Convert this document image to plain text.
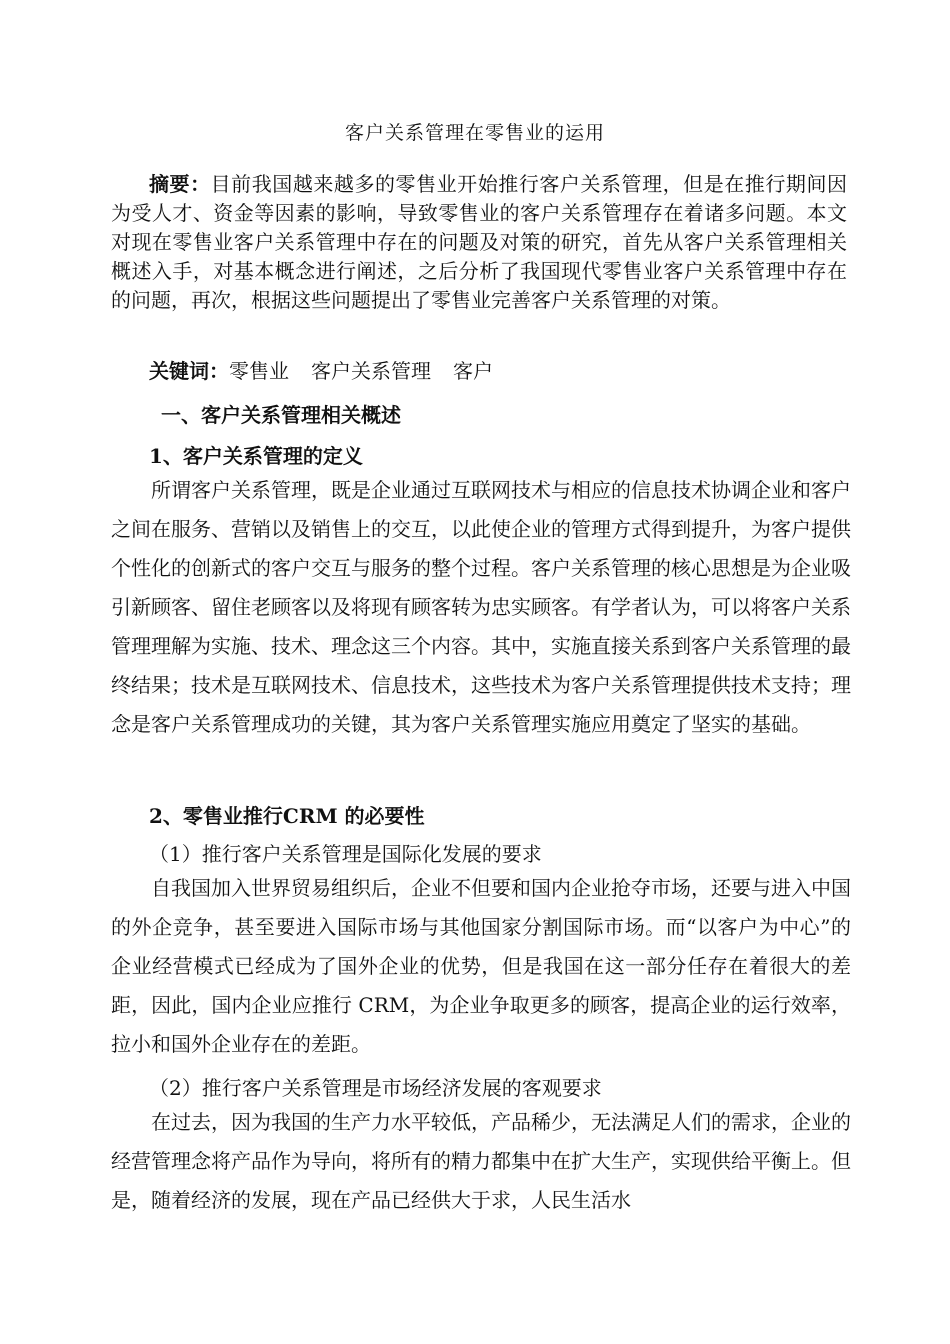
客户关系管理在零售业的运用
摘要：目前我国越来越多的零售业开始推行客户关系管理，但是在推行期间因为受人才、资金等因素的影响，导致零售业的客户关系管理存在着诸多问题。本文对现在零售业客户关系管理中存在的问题及对策的研究，首先从客户关系管理相关概述入手，对基本概念进行阐述，之后分析了我国现代零售业客户关系管理中存在的问题，再次，根据这些问题提出了零售业完善客户关系管理的对策。
关键词：零售业 客户关系管理 客户
一、客户关系管理相关概述
1、客户关系管理的定义
所谓客户关系管理，既是企业通过互联网技术与相应的信息技术协调企业和客户之间在服务、营销以及销售上的交互，以此使企业的管理方式得到提升，为客户提供个性化的创新式的客户交互与服务的整个过程。客户关系管理的核心思想是为企业吸引新顾客、留住老顾客以及将现有顾客转为忠实顾客。有学者认为，可以将客户关系管理理解为实施、技术、理念这三个内容。其中，实施直接关系到客户关系管理的最终结果；技术是互联网技术、信息技术，这些技术为客户关系管理提供技术支持；理念是客户关系管理成功的关键，其为客户关系管理实施应用奠定了坚实的基础。
2、零售业推行CRM 的必要性
（1）推行客户关系管理是国际化发展的要求
自我国加入世界贸易组织后，企业不但要和国内企业抢夺市场，还要与进入中国的外企竞争，甚至要进入国际市场与其他国家分割国际市场。而“以客户为中心”的企业经营模式已经成为了国外企业的优势，但是我国在这一部分任存在着很大的差距，因此，国内企业应推行 CRM，为企业争取更多的顾客，提高企业的运行效率，拉小和国外企业存在的差距。
（2）推行客户关系管理是市场经济发展的客观要求
在过去，因为我国的生产力水平较低，产品稀少，无法满足人们的需求，企业的经营管理念将产品作为导向，将所有的精力都集中在扩大生产，实现供给平衡上。但是，随着经济的发展，现在产品已经供大于求，人民生活水
